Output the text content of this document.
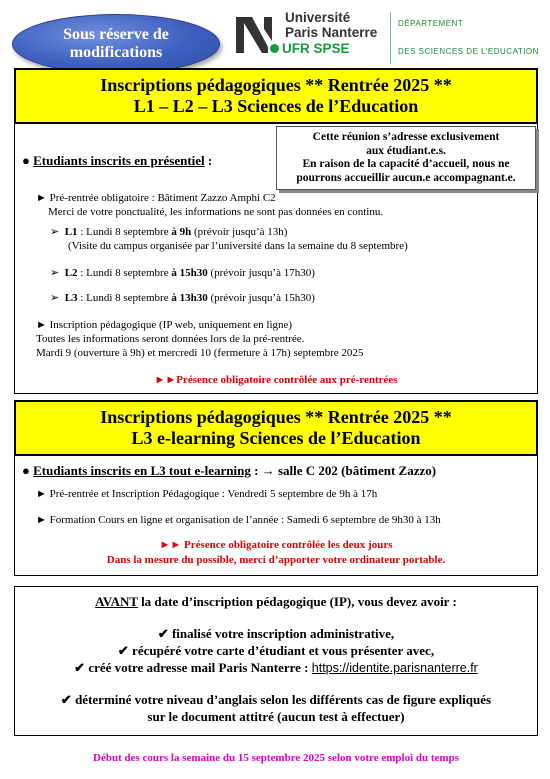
Sous réserve de
modifications
Université
Paris Nanterre
UFR SPSE
DÉPARTEMENT
DES SCIENCES DE L’EDUCATION
Inscriptions pédagogiques ** Rentrée 2025 **
L1 – L2 – L3 Sciences de l’Education
Cette réunion s’adresse exclusivement
aux étudiant.e.s.
En raison de la capacité d’accueil, nous ne
pourrons accueillir aucun.e accompagnant.e.
● Etudiants inscrits en présentiel :
► Pré-rentrée obligatoire : Bâtiment Zazzo Amphi C2
Merci de votre ponctualité, les informations ne sont pas données en continu.
➢ L1 : Lundi 8 septembre à 9h (prévoir jusqu’à 13h)
(Visite du campus organisée par l’université dans la semaine du 8 septembre)
➢ L2 : Lundi 8 septembre à 15h30 (prévoir jusqu’à 17h30)
➢ L3 : Lundi 8 septembre à 13h30 (prévoir jusqu’à 15h30)
► Inscription pédagogique (IP web, uniquement en ligne)
Toutes les informations seront données lors de la pré-rentrée.
Mardi 9 (ouverture à 9h) et mercredi 10 (fermeture à 17h) septembre 2025
►►Présence obligatoire contrôlée aux pré-rentrées
Inscriptions pédagogiques ** Rentrée 2025 **
L3 e-learning Sciences de l’Education
● Etudiants inscrits en L3 tout e-learning : → salle C 202 (bâtiment Zazzo)
► Pré-rentrée et Inscription Pédagogique : Vendredi 5 septembre de 9h à 17h
► Formation Cours en ligne et organisation de l’année : Samedi 6 septembre de 9h30 à 13h
►► Présence obligatoire contrôlée les deux jours
Dans la mesure du possible, merci d’apporter votre ordinateur portable.
AVANT la date d’inscription pédagogique (IP), vous devez avoir :
✔ finalisé votre inscription administrative,
✔ récupéré votre carte d’étudiant et vous présenter avec,
✔ créé votre adresse mail Paris Nanterre : https://identite.parisnanterre.fr
✔ déterminé votre niveau d’anglais selon les différents cas de figure expliqués
sur le document attitré (aucun test à effectuer)
Début des cours la semaine du 15 septembre 2025 selon votre emploi du temps
